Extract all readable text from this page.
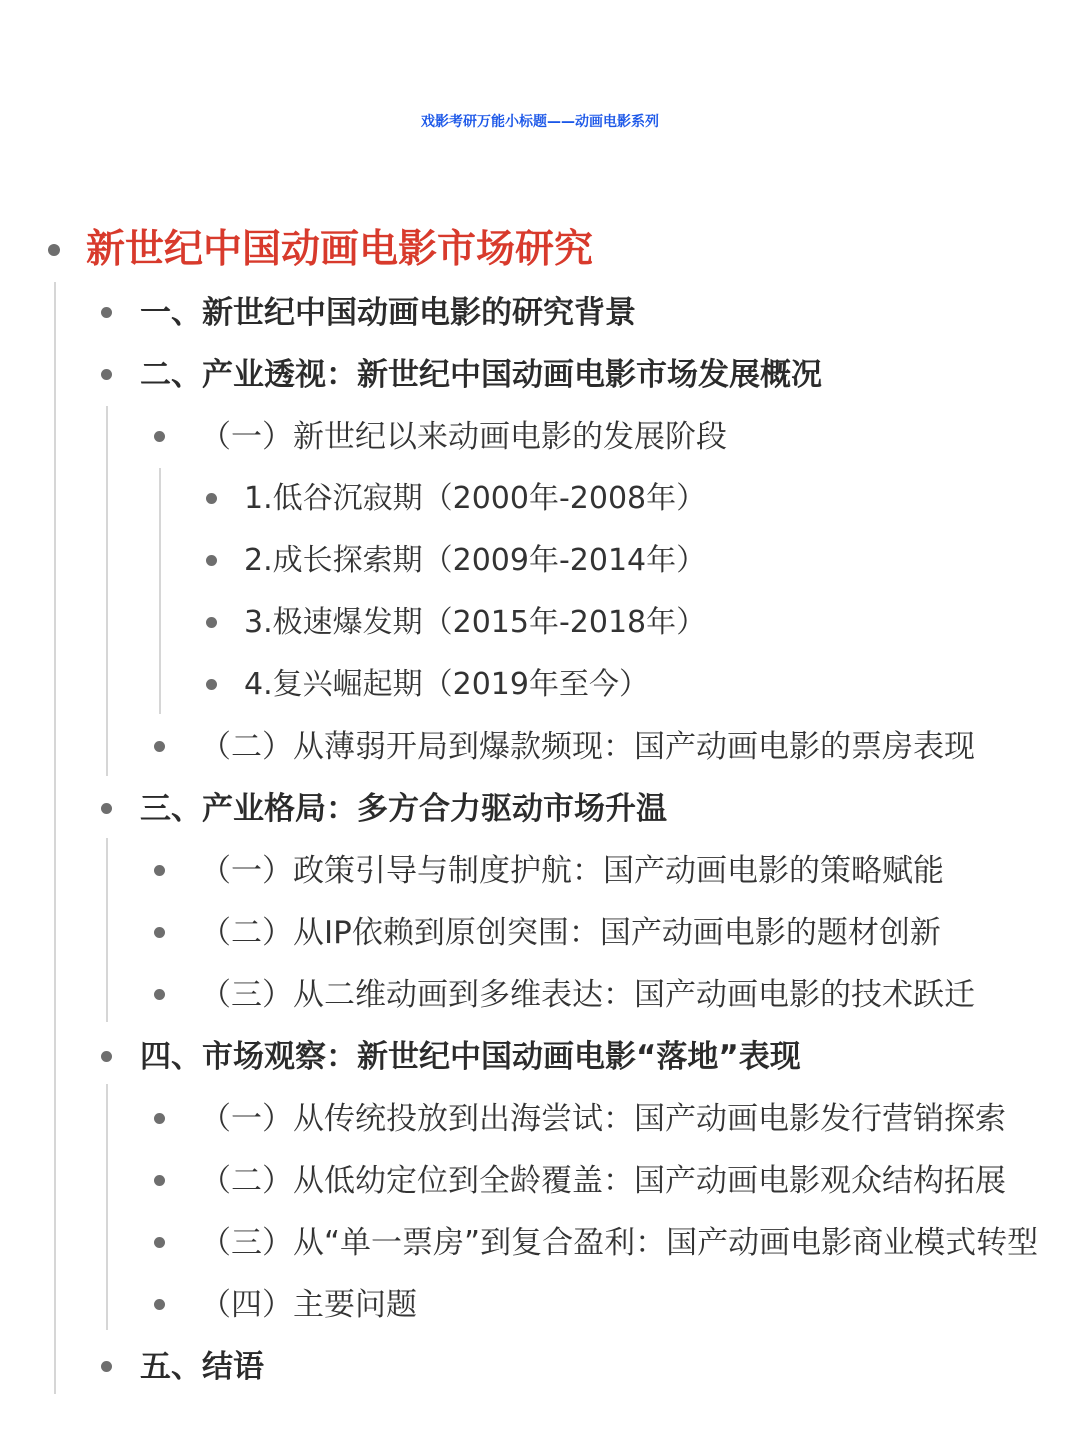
戏影考研万能小标题——动画电影系列
新世纪中国动画电影市场研究
一、新世纪中国动画电影的研究背景
二、产业透视：新世纪中国动画电影市场发展概况
（一）新世纪以来动画电影的发展阶段
1.低谷沉寂期（2000年-2008年）
2.成长探索期（2009年-2014年）
3.极速爆发期（2015年-2018年）
4.复兴崛起期（2019年至今）
（二）从薄弱开局到爆款频现：国产动画电影的票房表现
三、产业格局：多方合力驱动市场升温
（一）政策引导与制度护航：国产动画电影的策略赋能
（二）从IP依赖到原创突围：国产动画电影的题材创新
（三）从二维动画到多维表达：国产动画电影的技术跃迁
四、市场观察：新世纪中国动画电影“落地”表现
（一）从传统投放到出海尝试：国产动画电影发行营销探索
（二）从低幼定位到全龄覆盖：国产动画电影观众结构拓展
（三）从“单一票房”到复合盈利：国产动画电影商业模式转型
（四）主要问题
五、结语
